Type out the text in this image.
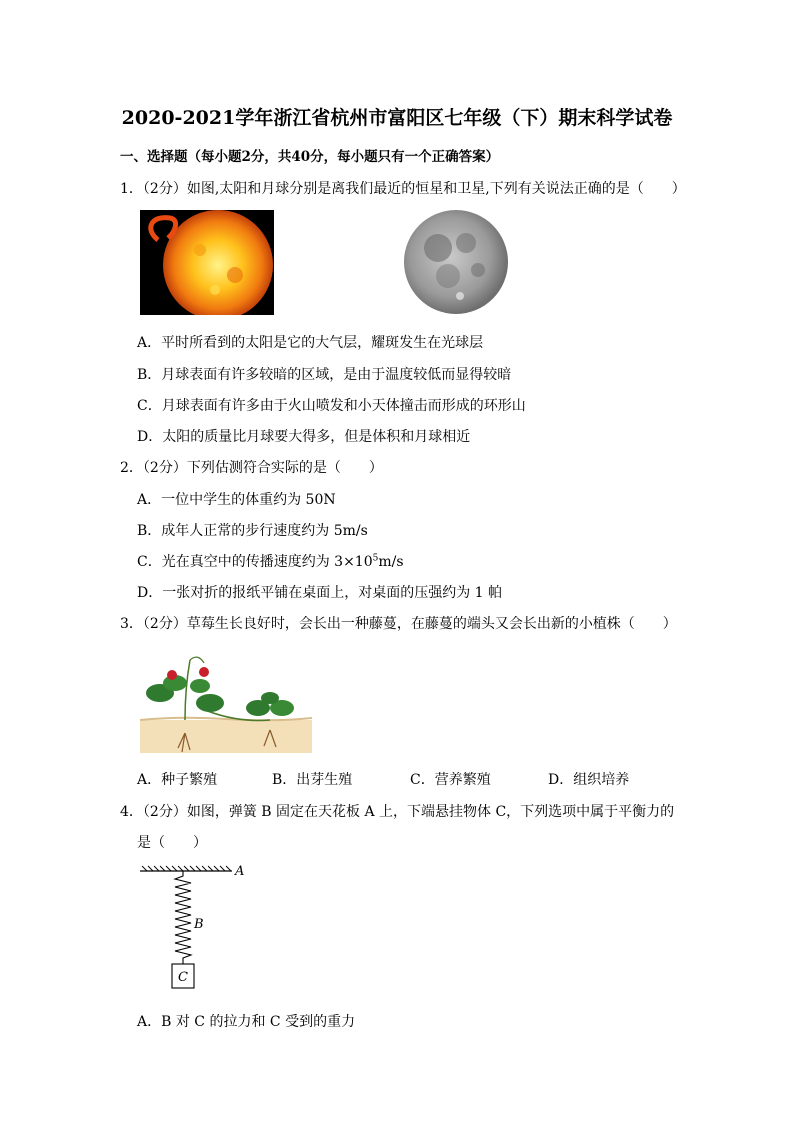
2020-2021学年浙江省杭州市富阳区七年级（下）期末科学试卷
一、选择题（每小题2分，共40分，每小题只有一个正确答案）
1．（2分）如图,太阳和月球分别是离我们最近的恒星和卫星,下列有关说法正确的是（　　）
A．平时所看到的太阳是它的大气层，耀斑发生在光球层
B．月球表面有许多较暗的区域，是由于温度较低而显得较暗
C．月球表面有许多由于火山喷发和小天体撞击而形成的环形山
D．太阳的质量比月球要大得多，但是体积和月球相近
2．（2分）下列估测符合实际的是（　　）
A．一位中学生的体重约为 50N
B．成年人正常的步行速度约为 5m/s
C．光在真空中的传播速度约为 $3\times 10^5m/s$
D．一张对折的报纸平铺在桌面上，对桌面的压强约为 1 帕
3．（2分）草莓生长良好时，会长出一种藤蔓，在藤蔓的端头又会长出新的小植株（　　）
A．种子繁殖	B．出芽生殖	C．营养繁殖	D．组织培养
4．（2分）如图，弹簧 B 固定在天花板 A 上，下端悬挂物体 C，下列选项中属于平衡力的
是（　　）
A
B
C
A．B 对 C 的拉力和 C 受到的重力
